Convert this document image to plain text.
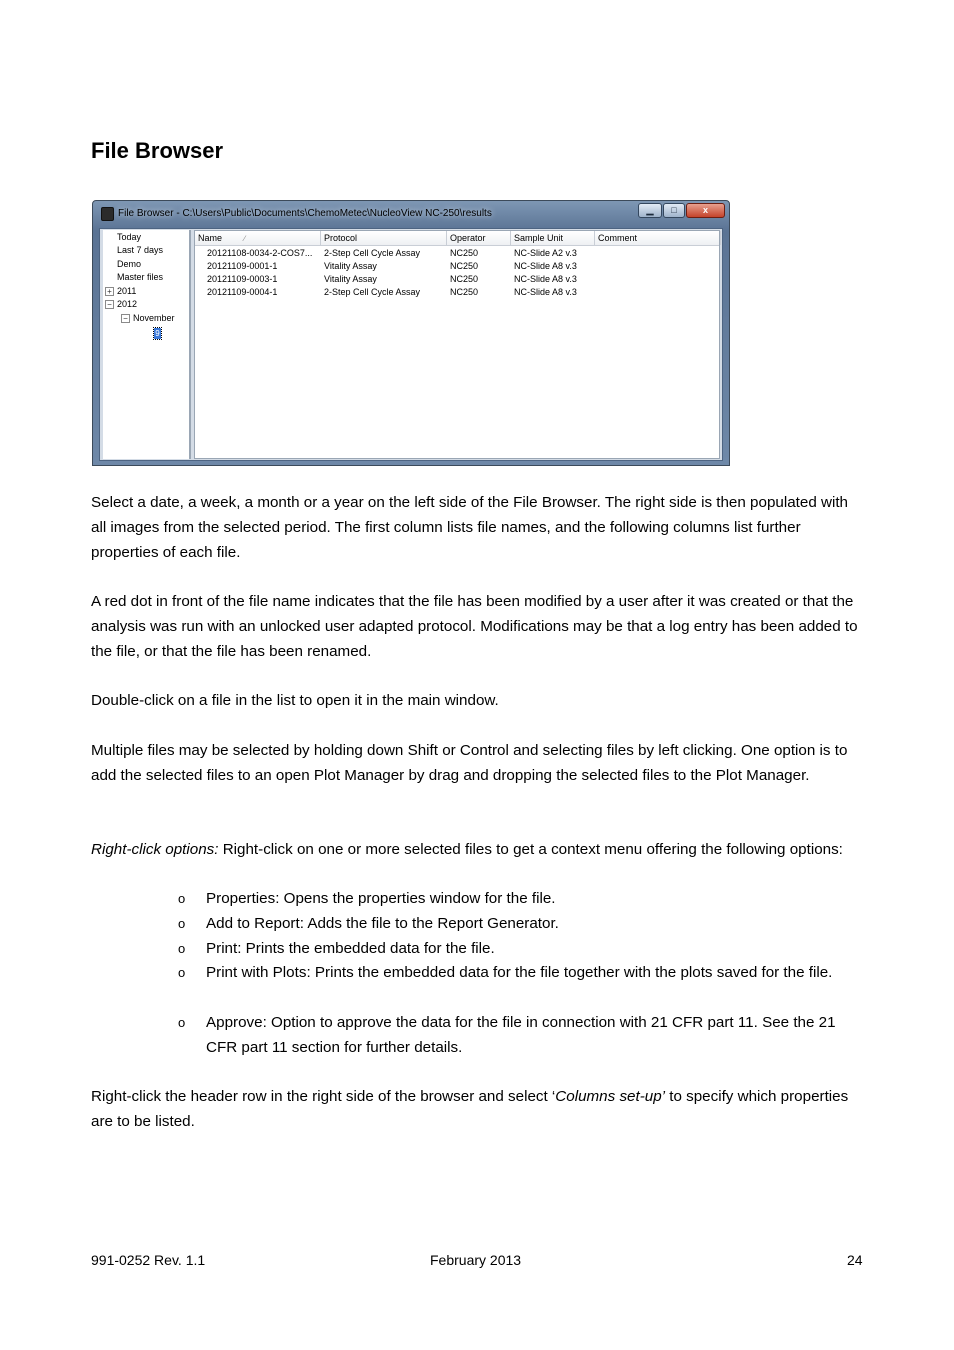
File Browser
File Browser - C:\Users\Public\Documents\ChemoMetec\NucleoView NC-250\results	▁	□	x
Today
Last 7 days
Demo
Master files
+ 2011
− 2012
− November
9
Name	∕	Protocol	Operator	Sample Unit	Comment
20121108-0034-2-COS7...	2-Step Cell Cycle Assay	NC250	NC-Slide A2 v.3
20121109-0001-1	Vitality Assay	NC250	NC-Slide A8 v.3
20121109-0003-1	Vitality Assay	NC250	NC-Slide A8 v.3
20121109-0004-1	2-Step Cell Cycle Assay	NC250	NC-Slide A8 v.3

Select a date, a week, a month or a year on the left side of the File Browser. The right side is then populated with all images from the selected period. The first column lists file names, and the following columns list further properties of each file.

A red dot in front of the file name indicates that the file has been modified by a user after it was created or that the analysis was run with an unlocked user adapted protocol. Modifications may be that a log entry has been added to the file, or that the file has been renamed.

Double-click on a file in the list to open it in the main window.

Multiple files may be selected by holding down Shift or Control and selecting files by left clicking. One option is to add the selected files to an open Plot Manager by drag and dropping the selected files to the Plot Manager.

Right-click options: Right-click on one or more selected files to get a context menu offering the following options:

o Properties: Opens the properties window for the file.

o Add to Report: Adds the file to the Report Generator.

o Print: Prints the embedded data for the file.

o Print with Plots: Prints the embedded data for the file together with the plots saved for the file.

o Approve: Option to approve the data for the file in connection with 21 CFR part 11. See the 21 CFR part 11 section for further details.

Right-click the header row in the right side of the browser and select ‘Columns set-up’ to specify which properties are to be listed.

991-0252 Rev. 1.1	February 2013	24
